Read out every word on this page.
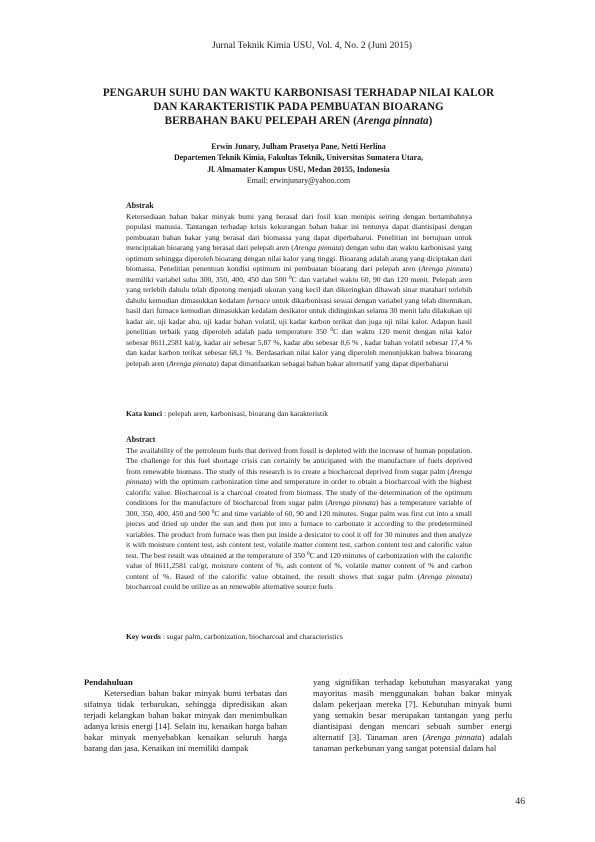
Jurnal Teknik Kimia USU, Vol. 4, No. 2 (Juni 2015)
PENGARUH SUHU DAN WAKTU KARBONISASI TERHADAP NILAI KALOR
DAN KARAKTERISTIK PADA PEMBUATAN BIOARANG
BERBAHAN BAKU PELEPAH AREN (Arenga pinnata)
Erwin Junary, Julham Prasetya Pane, Netti Herlina
Departemen Teknik Kimia, Fakultas Teknik, Universitas Sumatera Utara,
Jl. Almamater Kampus USU, Medan 20155, Indonesia
Email: erwinjunary@yahoo.com
Abstrak

Ketersediaan bahan bakar minyak bumi yang berasal dari fosil kian menipis seiring dengan bertambahnya populasi manusia. Tantangan terhadap krisis kekurangan bahan bakar ini tentunya dapat diantisipasi dengan pembuatan bahan bakar yang berasal dari biomassa yang dapat diperbaharui. Penelitian ini bertujuan untuk menciptakan bioarang yang berasal dari pelepah aren (Arenga pinnata) dengan suhu dan waktu karbonisasi yang optimum sehingga diperoleh bioarang dengan nilai kalor yang tinggi. Bioarang adalah arang yang diciptakan dari biomassa. Penelitian penentuan kondisi optimum ini pembuatan bioarang dari pelepah aren (Arenga pinnata) memiliki variabel suhu 300, 350, 400, 450 dan 500 $^0$C dan variabel waktu 60, 90 dan 120 menit. Pelepah aren yang terlebih dahulu telah dipotong menjadi ukuran yang kecil dan dikeringkan dibawah sinar matahari terlebih dahulu kemudian dimasukkan kedalam furnace untuk dikarbonisasi sesuai dengan variabel yang telah ditentukan, hasil dari furnace kemudian dimasukkan kedalam desikator untuk didinginkan selama 30 menit lalu dilakukan uji kadar air, uji kadar abu, uji kadar bahan volatil, uji kadar karbon terikat dan juga uji nilai kalor. Adapun hasil penelitian terbaik yang diperoleh adalah pada temperature 350 $^0$C dan waktu 120 menit dengan nilai kalor sebesar 8611,2581 kal/g, kadar air sebesar 5,87 %, kadar abu sebesar 8,6 % , kadar bahan volatil sebesar 17,4 % dan kadar karbon terikat sebesar 68,1 %. Berdasarkan nilai kalor yang diperoleh menunjukkan bahwa bioarang pelepah aren (Arenga pinnata) dapat dimanfaatkan sebagai bahan bakar alternatif yang dapat diperbaharui

Kata kunci : pelepah aren, karbonisasi, bioarang dan karakteristik
Abstract

The availability of the petroleum fuels that derived from fossil is depleted with the increase of human population. The challenge for this fuel shortage crisis can certainly be anticipated with the manufacture of fuels deprived from renewable biomass. The study of this research is to create a biocharcoal deprived from sugar palm (Arenga pinnata) with the optimum carbonization time and temperature in order to obtain a biocharcoal with the highest calorific value. Biocharcoal is a charcoal created from biomass. The study of the determination of the optimum conditions for the manufacture of biocharcoal from sugar palm (Arenga pinnata) has a temperature variable of 300, 350, 400, 450 and 500 $^0$C and time variable of 60, 90 and 120 minutes. Sugar palm was first cut into a small pieces and dried up under the sun and then put into a furnace to carbonate it according to the predetermined variables. The product from furnace was then put inside a desicator to cool it off for 30 minutes and then analyze it with moisture content test, ash content test, volatile matter content test, carbon content test and calorific value test. The best result was obtained at the temperature of 350 $^0$C and 120 minutes of carbonization with the calorific value of 8611,2581 cal/gr, moisture content of %, ash content of %, volatile matter content of % and carbon content of %. Based of the calorific value obtained, the result shows that sugar palm (Arenga pinnata) biocharcoal could be utilize as an renewable alternative source fuels

Key words : sugar palm, carbonization, biocharcoal and characteristics
Pendahuluan

Ketersedian bahan bakar minyak bumi terbatas dan sifatnya tidak terbarukan, sehingga dipredisikan akan terjadi kelangkan bahan bakar minyak dan menimbulkan adanya krisis energi [14]. Selain itu, kenaikan harga bahan bakar minyak menyebabkan kenaikan seluruh harga barang dan jasa. Kenaikan ini memiliki dampak

yang signifikan terhadap kebutuhan masyarakat yang mayoritas masih menggunakan bahan bakar minyak dalam pekerjaan mereka [7]. Kebutuhan minyak bumi yang semakin besar merupakan tantangan yang perlu diantisipasi dengan mencari sebuah sumber energi alternatif [3]. Tanaman aren (Arenga pinnata) adalah tanaman perkebunan yang sangat potensial dalam hal

46
